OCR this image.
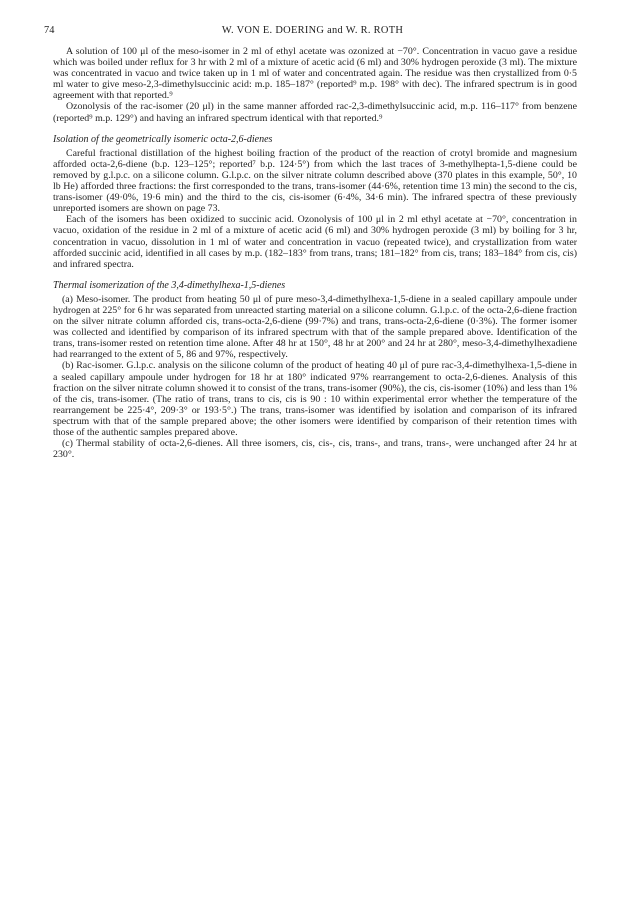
74	W. VON E. DOERING and W. R. ROTH

A solution of 100 μl of the meso-isomer in 2 ml of ethyl acetate was ozonized at −70°. Concentration in vacuo gave a residue which was boiled under reflux for 3 hr with 2 ml of a mixture of acetic acid (6 ml) and 30% hydrogen peroxide (3 ml). The mixture was concentrated in vacuo and twice taken up in 1 ml of water and concentrated again. The residue was then crystallized from 0·5 ml water to give meso-2,3-dimethylsuccinic acid: m.p. 185–187° (reported⁹ m.p. 198° with dec). The infrared spectrum is in good agreement with that reported.⁹

Ozonolysis of the rac-isomer (20 μl) in the same manner afforded rac-2,3-dimethylsuccinic acid, m.p. 116–117° from benzene (reported⁹ m.p. 129°) and having an infrared spectrum identical with that reported.⁹

Isolation of the geometrically isomeric octa-2,6-dienes

Careful fractional distillation of the highest boiling fraction of the product of the reaction of crotyl bromide and magnesium afforded octa-2,6-diene (b.p. 123–125°; reported⁷ b.p. 124·5°) from which the last traces of 3-methylhepta-1,5-diene could be removed by g.l.p.c. on a silicone column. G.l.p.c. on the silver nitrate column described above (370 plates in this example, 50°, 10 lb He) afforded three fractions: the first corresponded to the trans, trans-isomer (44·6%, retention time 13 min) the second to the cis, trans-isomer (49·0%, 19·6 min) and the third to the cis, cis-isomer (6·4%, 34·6 min). The infrared spectra of these previously unreported isomers are shown on page 73.

Each of the isomers has been oxidized to succinic acid. Ozonolysis of 100 μl in 2 ml ethyl acetate at −70°, concentration in vacuo, oxidation of the residue in 2 ml of a mixture of acetic acid (6 ml) and 30% hydrogen peroxide (3 ml) by boiling for 3 hr, concentration in vacuo, dissolution in 1 ml of water and concentration in vacuo (repeated twice), and crystallization from water afforded succinic acid, identified in all cases by m.p. (182–183° from trans, trans; 181–182° from cis, trans; 183–184° from cis, cis) and infrared spectra.

Thermal isomerization of the 3,4-dimethylhexa-1,5-dienes

(a) Meso-isomer. The product from heating 50 μl of pure meso-3,4-dimethylhexa-1,5-diene in a sealed capillary ampoule under hydrogen at 225° for 6 hr was separated from unreacted starting material on a silicone column. G.l.p.c. of the octa-2,6-diene fraction on the silver nitrate column afforded cis, trans-octa-2,6-diene (99·7%) and trans, trans-octa-2,6-diene (0·3%). The former isomer was collected and identified by comparison of its infrared spectrum with that of the sample prepared above. Identification of the trans, trans-isomer rested on retention time alone. After 48 hr at 150°, 48 hr at 200° and 24 hr at 280°, meso-3,4-dimethylhexadiene had rearranged to the extent of 5, 86 and 97%, respectively.

(b) Rac-isomer. G.l.p.c. analysis on the silicone column of the product of heating 40 μl of pure rac-3,4-dimethylhexa-1,5-diene in a sealed capillary ampoule under hydrogen for 18 hr at 180° indicated 97% rearrangement to octa-2,6-dienes. Analysis of this fraction on the silver nitrate column showed it to consist of the trans, trans-isomer (90%), the cis, cis-isomer (10%) and less than 1% of the cis, trans-isomer. (The ratio of trans, trans to cis, cis is 90 : 10 within experimental error whether the temperature of the rearrangement be 225·4°, 209·3° or 193·5°.) The trans, trans-isomer was identified by isolation and comparison of its infrared spectrum with that of the sample prepared above; the other isomers were identified by comparison of their retention times with those of the authentic samples prepared above.

(c) Thermal stability of octa-2,6-dienes. All three isomers, cis, cis-, cis, trans-, and trans, trans-, were unchanged after 24 hr at 230°.
